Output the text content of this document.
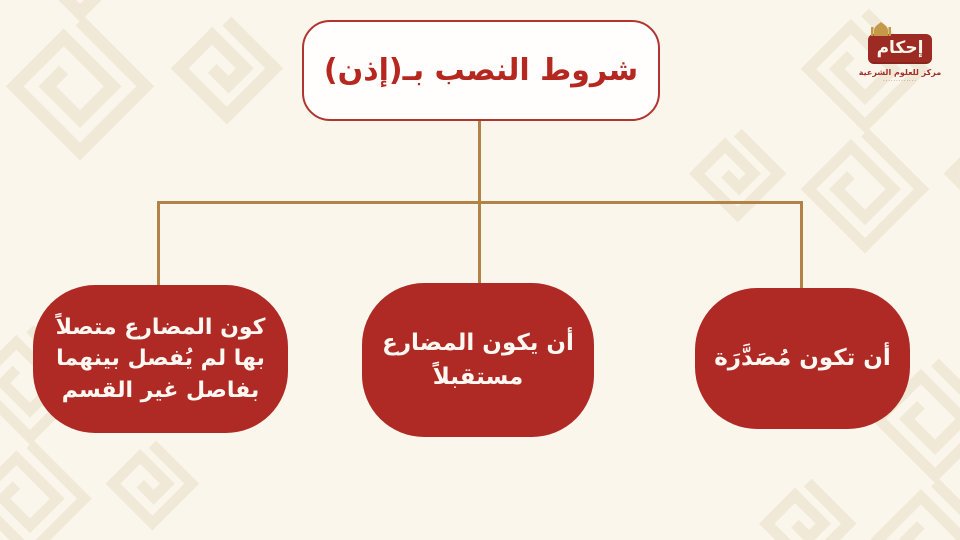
شروط النصب بـ(إذن)
أن تكون مُصَدَّرَة
أن يكون المضارع
مستقبلاً
كون المضارع متصلاً
بها لم يُفصل بينهما
بفاصل غير القسم
إحكام
مركز للعلوم الشرعية
·············
